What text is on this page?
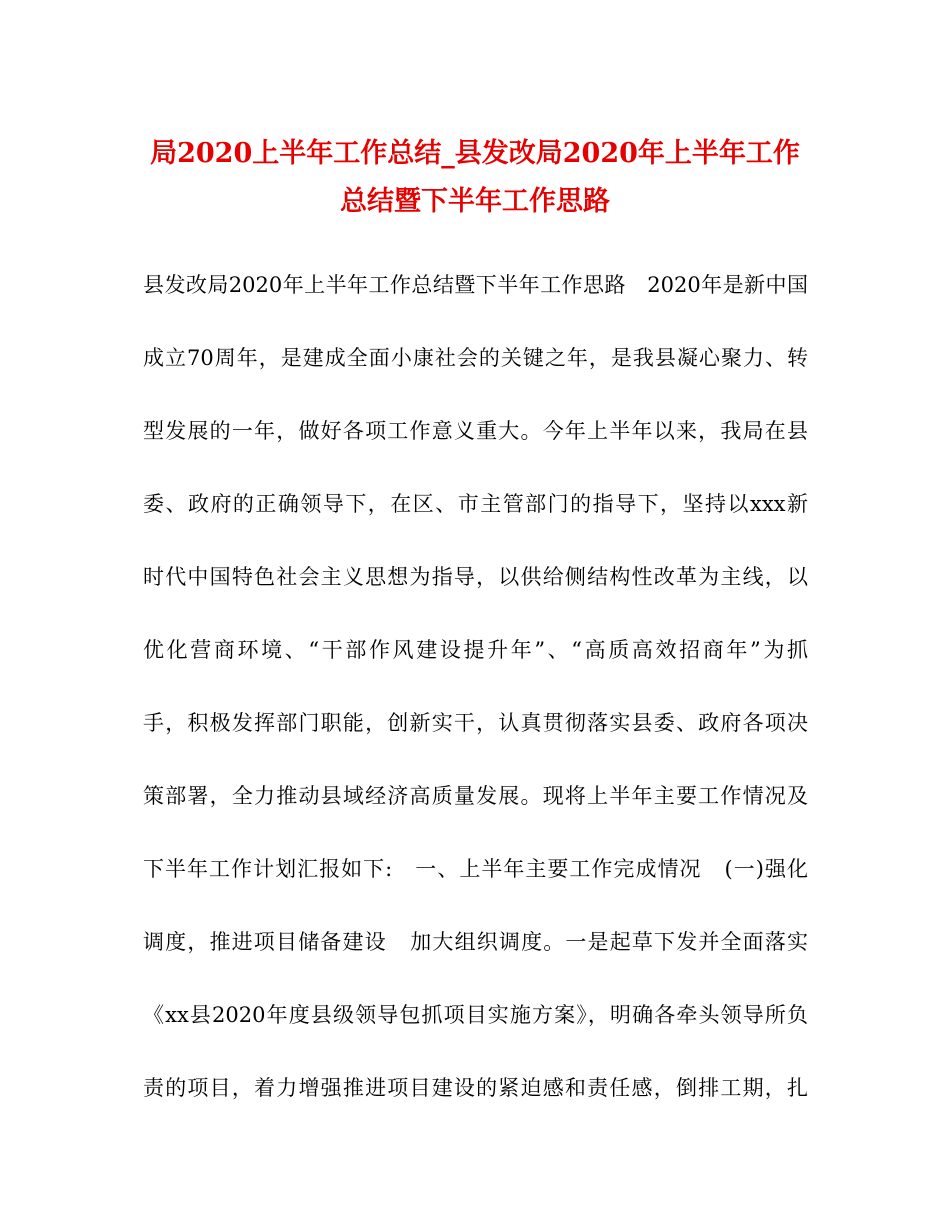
局2020上半年工作总结_县发改局2020年上半年工作
总结暨下半年工作思路
县发改局2020年上半年工作总结暨下半年工作思路   2020年是新中国
成立70周年，是建成全面小康社会的关键之年，是我县凝心聚力、转
型发展的一年，做好各项工作意义重大。今年上半年以来，我局在县
委、政府的正确领导下，在区、市主管部门的指导下，坚持以xxx新
时代中国特色社会主义思想为指导，以供给侧结构性改革为主线，以
优化营商环境、“干部作风建设提升年”、“高质高效招商年”为抓
手，积极发挥部门职能，创新实干，认真贯彻落实县委、政府各项决
策部署，全力推动县域经济高质量发展。现将上半年主要工作情况及
下半年工作计划汇报如下:   一、上半年主要工作完成情况   (一)强化
调度，推进项目储备建设   加大组织调度。一是起草下发并全面落实
《xx县2020年度县级领导包抓项目实施方案》，明确各牵头领导所负
责的项目，着力增强推进项目建设的紧迫感和责任感，倒排工期，扎
